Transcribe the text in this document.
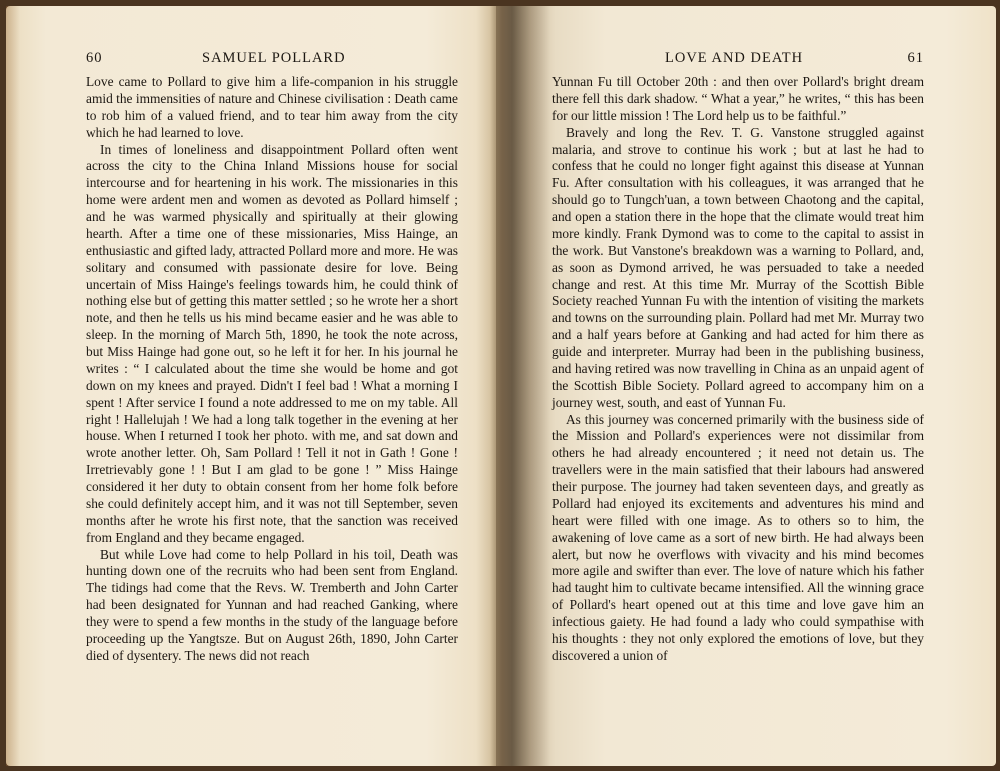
60	SAMUEL POLLARD

Love came to Pollard to give him a life-companion in his struggle amid the immensities of nature and Chinese civilisation : Death came to rob him of a valued friend, and to tear him away from the city which he had learned to love.

In times of loneliness and disappointment Pollard often went across the city to the China Inland Missions house for social intercourse and for heartening in his work. The missionaries in this home were ardent men and women as devoted as Pollard himself ; and he was warmed physically and spiritually at their glowing hearth. After a time one of these missionaries, Miss Hainge, an enthusiastic and gifted lady, attracted Pollard more and more. He was solitary and consumed with passionate desire for love. Being uncertain of Miss Hainge's feelings towards him, he could think of nothing else but of getting this matter settled ; so he wrote her a short note, and then he tells us his mind became easier and he was able to sleep. In the morning of March 5th, 1890, he took the note across, but Miss Hainge had gone out, so he left it for her. In his journal he writes : “ I calculated about the time she would be home and got down on my knees and prayed. Didn't I feel bad ! What a morning I spent ! After service I found a note addressed to me on my table. All right ! Hallelujah ! We had a long talk together in the evening at her house. When I returned I took her photo. with me, and sat down and wrote another letter. Oh, Sam Pollard ! Tell it not in Gath ! Gone ! Irretrievably gone ! ! But I am glad to be gone ! ” Miss Hainge considered it her duty to obtain consent from her home folk before she could definitely accept him, and it was not till September, seven months after he wrote his first note, that the sanction was received from England and they became engaged.

But while Love had come to help Pollard in his toil, Death was hunting down one of the recruits who had been sent from England. The tidings had come that the Revs. W. Tremberth and John Carter had been designated for Yunnan and had reached Ganking, where they were to spend a few months in the study of the language before proceeding up the Yangtsze. But on August 26th, 1890, John Carter died of dysentery. The news did not reach

LOVE AND DEATH	61

Yunnan Fu till October 20th : and then over Pollard's bright dream there fell this dark shadow. “ What a year,” he writes, “ this has been for our little mission ! The Lord help us to be faithful.”

Bravely and long the Rev. T. G. Vanstone struggled against malaria, and strove to continue his work ; but at last he had to confess that he could no longer fight against this disease at Yunnan Fu. After consultation with his colleagues, it was arranged that he should go to Tungch'uan, a town between Chaotong and the capital, and open a station there in the hope that the climate would treat him more kindly. Frank Dymond was to come to the capital to assist in the work. But Vanstone's breakdown was a warning to Pollard, and, as soon as Dymond arrived, he was persuaded to take a needed change and rest. At this time Mr. Murray of the Scottish Bible Society reached Yunnan Fu with the intention of visiting the markets and towns on the surrounding plain. Pollard had met Mr. Murray two and a half years before at Ganking and had acted for him there as guide and interpreter. Murray had been in the publishing business, and having retired was now travelling in China as an unpaid agent of the Scottish Bible Society. Pollard agreed to accompany him on a journey west, south, and east of Yunnan Fu.

As this journey was concerned primarily with the business side of the Mission and Pollard's experiences were not dissimilar from others he had already encountered ; it need not detain us. The travellers were in the main satisfied that their labours had answered their purpose. The journey had taken seventeen days, and greatly as Pollard had enjoyed its excitements and adventures his mind and heart were filled with one image. As to others so to him, the awakening of love came as a sort of new birth. He had always been alert, but now he overflows with vivacity and his mind becomes more agile and swifter than ever. The love of nature which his father had taught him to cultivate became intensified. All the winning grace of Pollard's heart opened out at this time and love gave him an infectious gaiety. He had found a lady who could sympathise with his thoughts : they not only explored the emotions of love, but they discovered a union of
